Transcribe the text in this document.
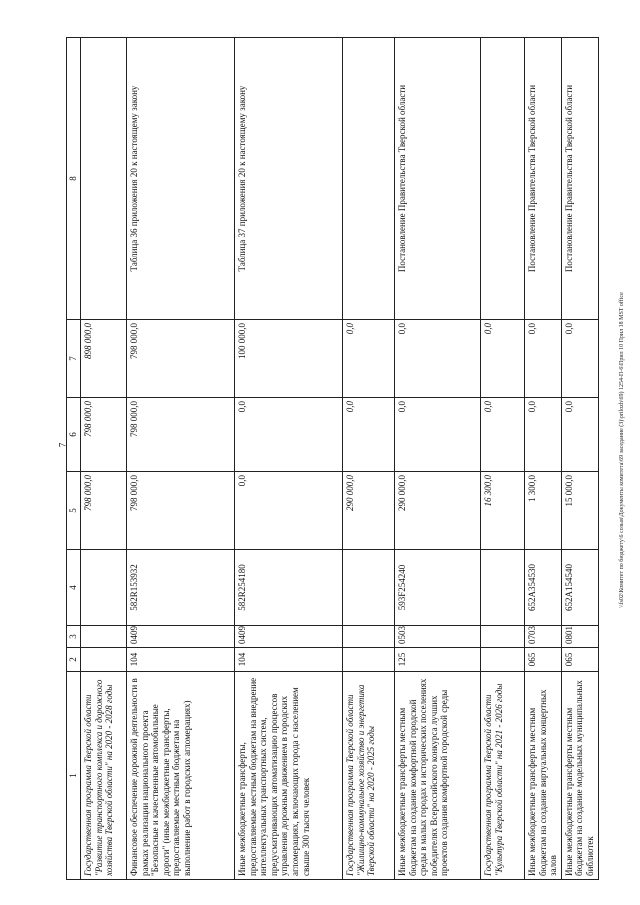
7	\\fs02\Комитет по бюджету\6 созыв\Документы комитета\69 заседание (3)\prilozh\69) 1254-П-6\Прил 10 Прил 18 MST office
1	2	3	4	5	6	7	8
Государственная программа Тверской области "Развитие транспортного комплекса и дорожного хозяйства Тверской области" на 2020 - 2028 годы				798 000,0	798 000,0	898 000,0	
Финансовое обеспечение дорожной деятельности в рамках реализации национального проекта "Безопасные и качественные автомобильные дороги" (иные межбюджетные трансферты, предоставляемые местным бюджетам на выполнение работ в городских агломерациях)	104	0409	582R153932	798 000,0	798 000,0	798 000,0	Таблица 36 приложения 20 к настоящему закону
Иные межбюджетные трансферты, предоставляемые местным бюджетам на внедрение интеллектуальных транспортных систем, предусматривающих автоматизацию процессов управления дорожным движением в городских агломерациях, включающих города с населением свыше 300 тысяч человек	104	0409	582R254180	0,0	0,0	100 000,0	Таблица 37 приложения 20 к настоящему закону
Государственная программа Тверской области "Жилищно-коммунальное хозяйство и энергетика Тверской области" на 2020 - 2025 годы				290 000,0	0,0	0,0	
Иные межбюджетные трансферты местным бюджетам на создание комфортной городской среды в малых городах и исторических поселениях победителях Всероссийского конкурса лучших проектов создания комфортной городской среды	125	0503	593F254240	290 000,0	0,0	0,0	Постановление Правительства Тверской области
Государственная программа Тверской области "Культура Тверской области" на 2021 - 2026 годы				16 300,0	0,0	0,0	
Иные межбюджетные трансферты местным бюджетам на создание виртуальных концертных залов	065	0703	652A354530	1 300,0	0,0	0,0	Постановление Правительства Тверской области
Иные межбюджетные трансферты местным бюджетам на создание модельных муниципальных библиотек	065	0801	652A154540	15 000,0	0,0	0,0	Постановление Правительства Тверской области
